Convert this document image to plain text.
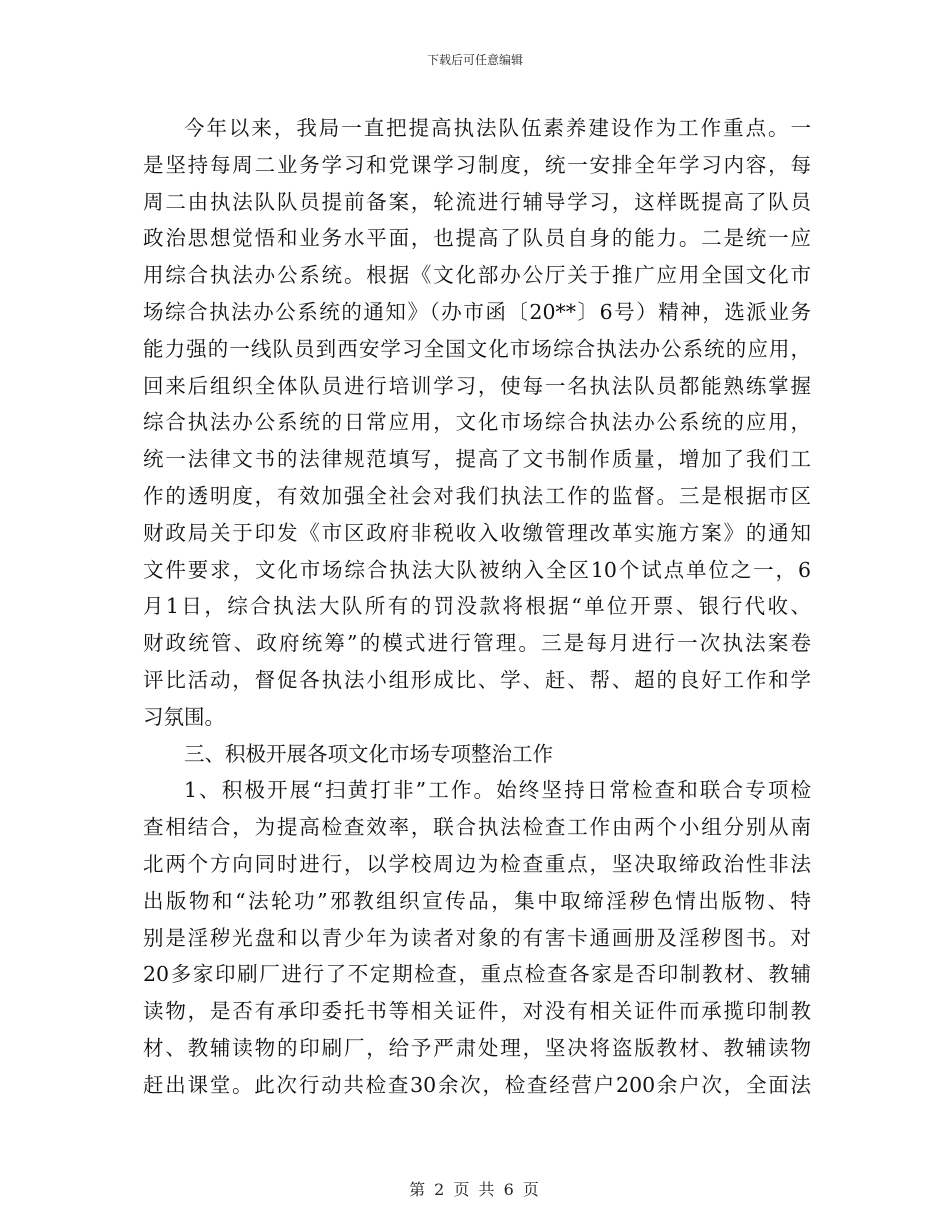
下载后可任意编辑
今年以来，我局一直把提高执法队伍素养建设作为工作重点。一
是坚持每周二业务学习和党课学习制度，统一安排全年学习内容，每
周二由执法队队员提前备案，轮流进行辅导学习，这样既提高了队员
政治思想觉悟和业务水平面，也提高了队员自身的能力。二是统一应
用综合执法办公系统。根据《文化部办公厅关于推广应用全国文化市
场综合执法办公系统的通知》（办市函〔20**〕6号）精神，选派业务
能力强的一线队员到西安学习全国文化市场综合执法办公系统的应用，
回来后组织全体队员进行培训学习，使每一名执法队员都能熟练掌握
综合执法办公系统的日常应用，文化市场综合执法办公系统的应用，
统一法律文书的法律规范填写，提高了文书制作质量，增加了我们工
作的透明度，有效加强全社会对我们执法工作的监督。三是根据市区
财政局关于印发《市区政府非税收入收缴管理改革实施方案》的通知
文件要求，文化市场综合执法大队被纳入全区10个试点单位之一，6
月1日，综合执法大队所有的罚没款将根据“单位开票、银行代收、
财政统管、政府统筹”的模式进行管理。三是每月进行一次执法案卷
评比活动，督促各执法小组形成比、学、赶、帮、超的良好工作和学
习氛围。
三、积极开展各项文化市场专项整治工作
1、积极开展“扫黄打非”工作。始终坚持日常检查和联合专项检
查相结合，为提高检查效率，联合执法检查工作由两个小组分别从南
北两个方向同时进行，以学校周边为检查重点，坚决取缔政治性非法
出版物和“法轮功”邪教组织宣传品，集中取缔淫秽色情出版物、特
别是淫秽光盘和以青少年为读者对象的有害卡通画册及淫秽图书。对
20多家印刷厂进行了不定期检查，重点检查各家是否印制教材、教辅
读物，是否有承印委托书等相关证件，对没有相关证件而承揽印制教
材、教辅读物的印刷厂，给予严肃处理，坚决将盗版教材、教辅读物
赶出课堂。此次行动共检查30余次，检查经营户200余户次，全面法
第 2 页 共 6 页
